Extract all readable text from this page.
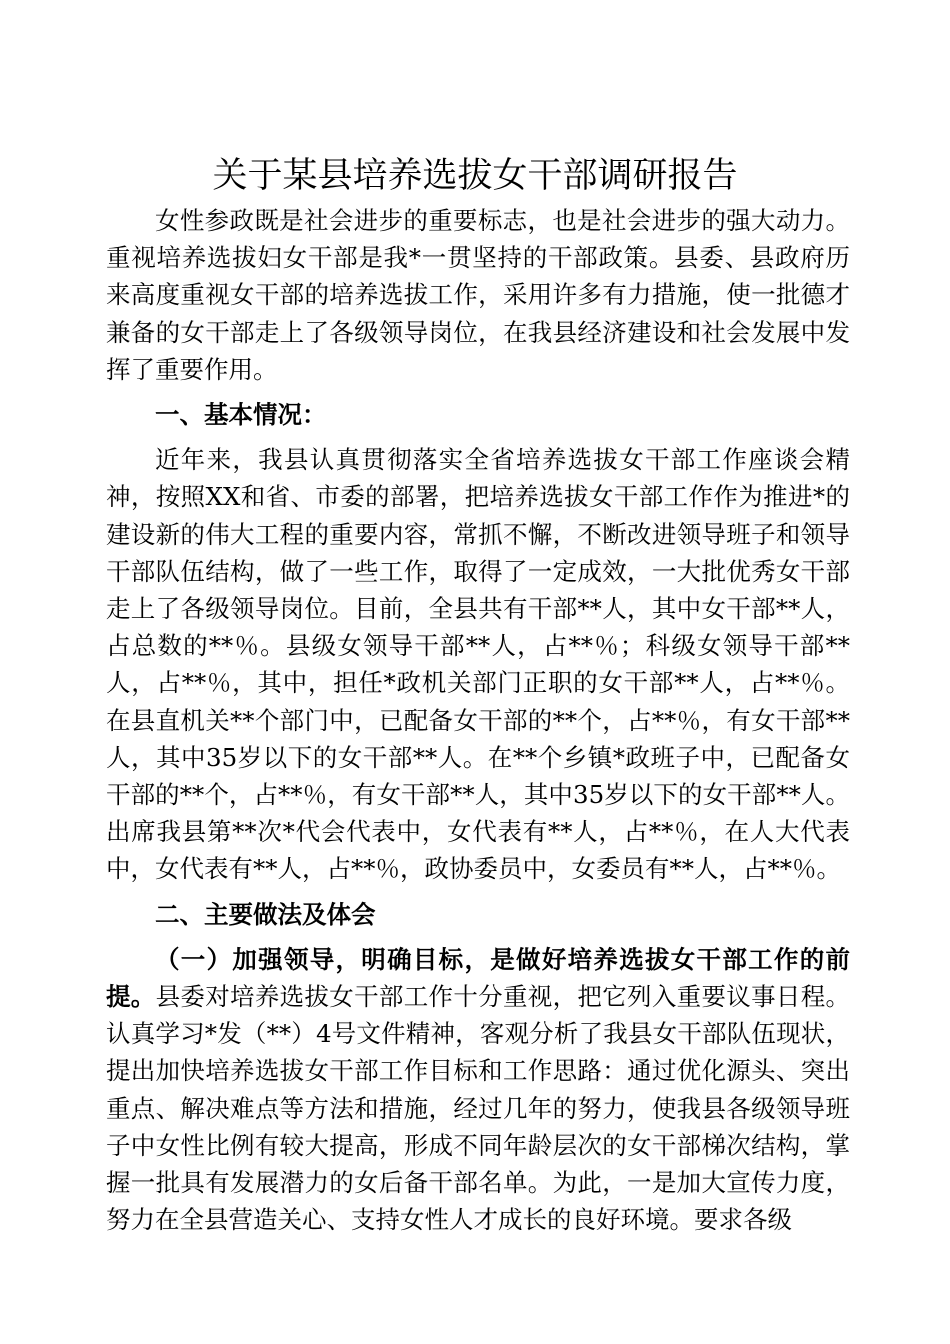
关于某县培养选拔女干部调研报告

女性参政既是社会进步的重要标志，也是社会进步的强大动力。重视培养选拔妇女干部是我*一贯坚持的干部政策。县委、县政府历来高度重视女干部的培养选拔工作，采用许多有力措施，使一批德才兼备的女干部走上了各级领导岗位，在我县经济建设和社会发展中发挥了重要作用。

一、基本情况：

近年来，我县认真贯彻落实全省培养选拔女干部工作座谈会精神，按照XX和省、市委的部署，把培养选拔女干部工作作为推进*的建设新的伟大工程的重要内容，常抓不懈，不断改进领导班子和领导干部队伍结构，做了一些工作，取得了一定成效，一大批优秀女干部走上了各级领导岗位。目前，全县共有干部**人，其中女干部**人，占总数的**％。县级女领导干部**人，占**％；科级女领导干部**人，占**％，其中，担任*政机关部门正职的女干部**人，占**％。在县直机关**个部门中，已配备女干部的**个，占**％，有女干部**人，其中35岁以下的女干部**人。在**个乡镇*政班子中，已配备女干部的**个，占**％，有女干部**人，其中35岁以下的女干部**人。出席我县第**次*代会代表中，女代表有**人，占**％，在人大代表中，女代表有**人，占**％，政协委员中，女委员有**人，占**％。

二、主要做法及体会

（一）加强领导，明确目标，是做好培养选拔女干部工作的前提。县委对培养选拔女干部工作十分重视，把它列入重要议事日程。认真学习*发（**）4号文件精神，客观分析了我县女干部队伍现状，提出加快培养选拔女干部工作目标和工作思路：通过优化源头、突出重点、解决难点等方法和措施，经过几年的努力，使我县各级领导班子中女性比例有较大提高，形成不同年龄层次的女干部梯次结构，掌握一批具有发展潜力的女后备干部名单。为此，一是加大宣传力度，努力在全县营造关心、支持女性人才成长的良好环境。要求各级
